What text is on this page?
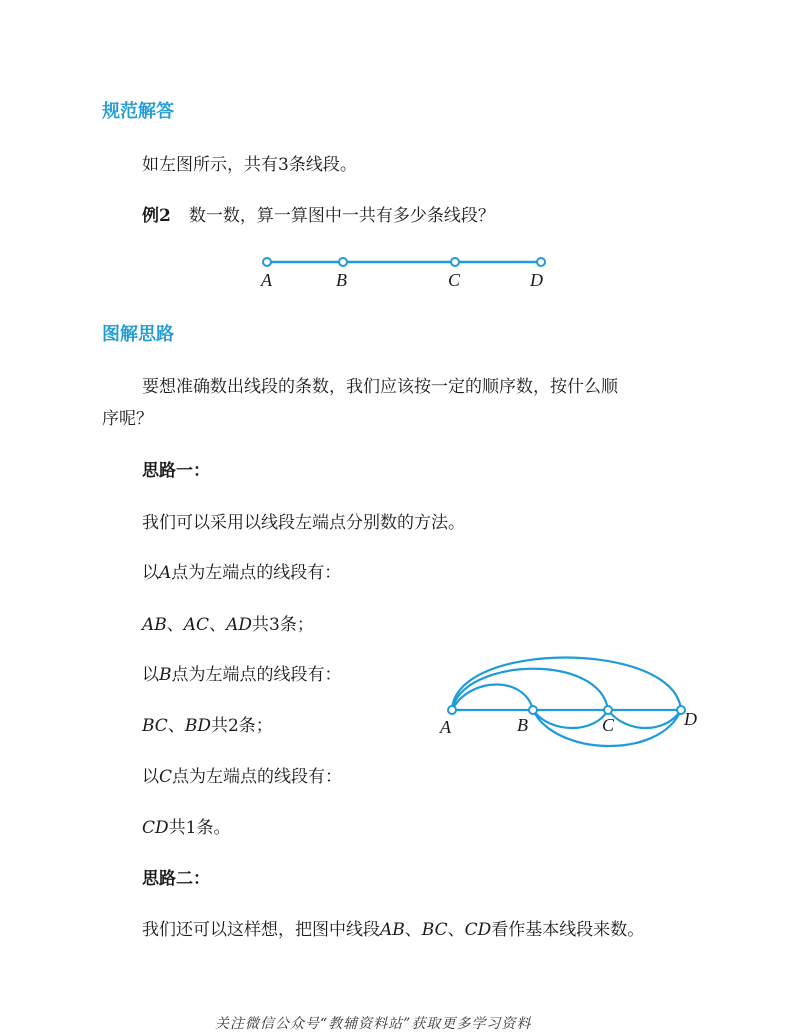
规范解答
如左图所示，共有3条线段。
例2 数一数，算一算图中一共有多少条线段？
A	B	C	D
图解思路
要想准确数出线段的条数，我们应该按一定的顺序数，按什么顺
序呢？
思路一：
我们可以采用以线段左端点分别数的方法。
以A点为左端点的线段有：
AB、AC、AD共3条；
以B点为左端点的线段有：
BC、BD共2条；
以C点为左端点的线段有：
CD共1条。
A	B	C	D
思路二：
我们还可以这样想，把图中线段AB、BC、CD看作基本线段来数。
关注微信公众号“教辅资料站”获取更多学习资料
